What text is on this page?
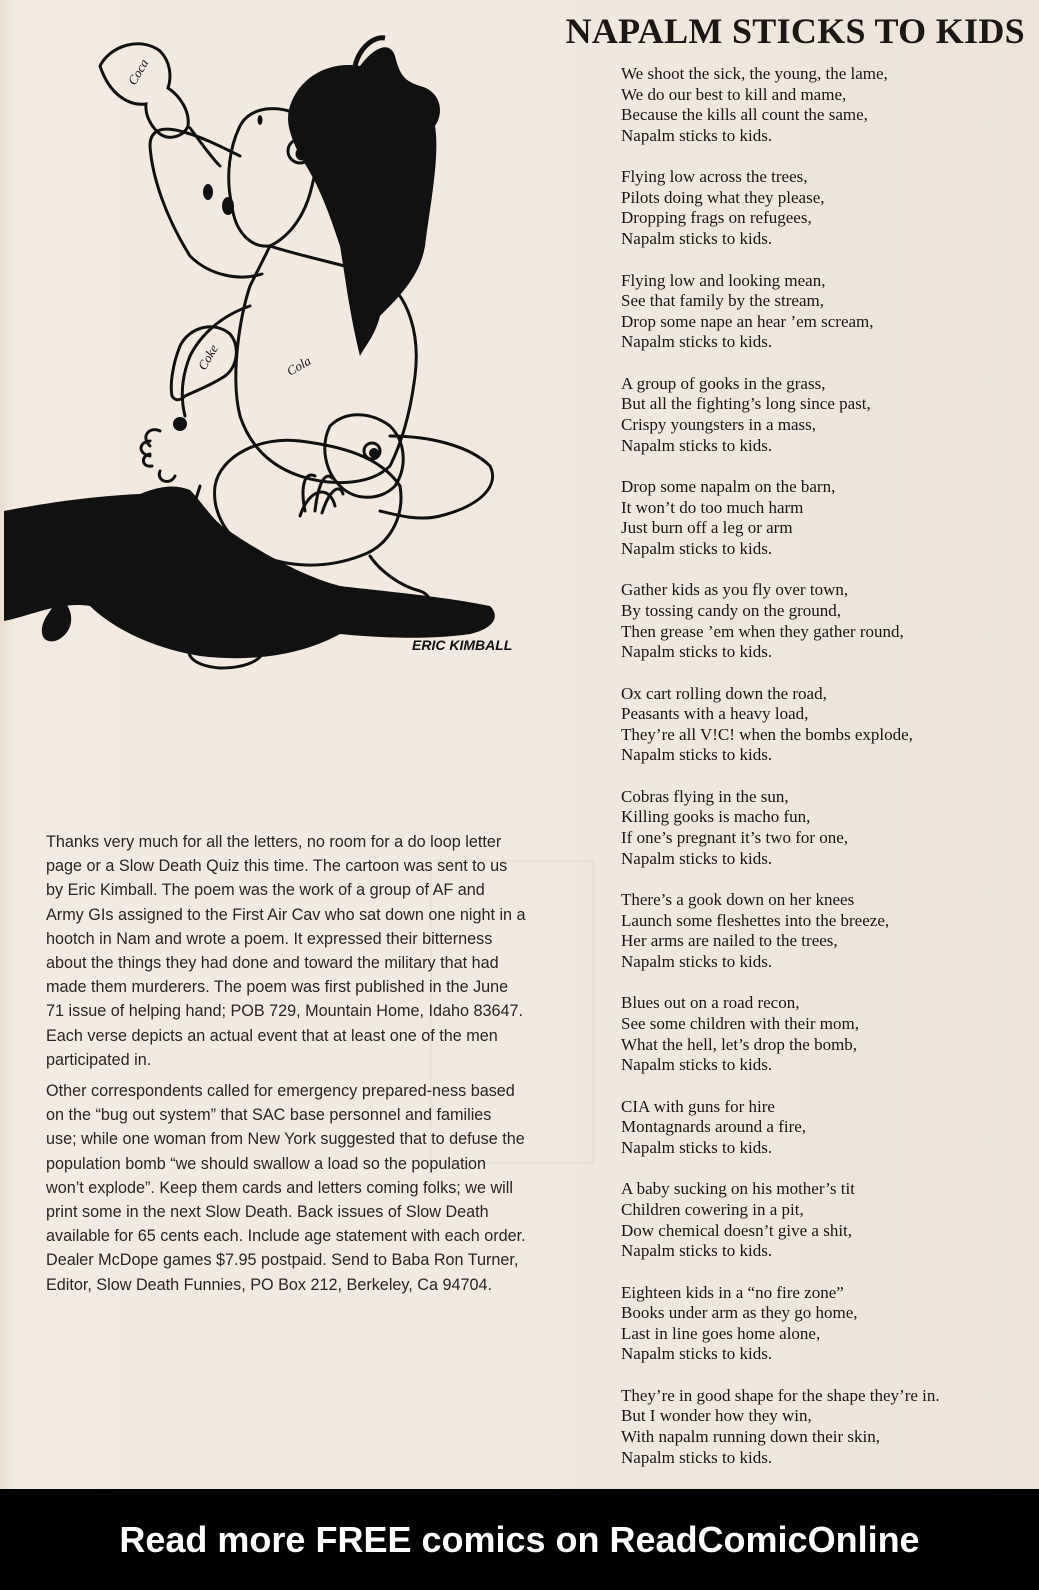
Coca
Coke	Cola
Coke
ERIC KIMBALL
NAPALM STICKS TO KIDS

We shoot the sick, the young, the lame,
We do our best to kill and mame,
Because the kills all count the same,
Napalm sticks to kids.

Flying low across the trees,
Pilots doing what they please,
Dropping frags on refugees,
Napalm sticks to kids.

Flying low and looking mean,
See that family by the stream,
Drop some nape an hear ’em scream,
Napalm sticks to kids.

A group of gooks in the grass,
But all the fighting’s long since past,
Crispy youngsters in a mass,
Napalm sticks to kids.

Drop some napalm on the barn,
It won’t do too much harm
Just burn off a leg or arm
Napalm sticks to kids.

Gather kids as you fly over town,
By tossing candy on the ground,
Then grease ’em when they gather round,
Napalm sticks to kids.

Ox cart rolling down the road,
Peasants with a heavy load,
They’re all V!C! when the bombs explode,
Napalm sticks to kids.

Cobras flying in the sun,
Killing gooks is macho fun,
If one’s pregnant it’s two for one,
Napalm sticks to kids.

There’s a gook down on her knees
Launch some fleshettes into the breeze,
Her arms are nailed to the trees,
Napalm sticks to kids.

Blues out on a road recon,
See some children with their mom,
What the hell, let’s drop the bomb,
Napalm sticks to kids.

CIA with guns for hire
Montagnards around a fire,
Napalm sticks to kids.

A baby sucking on his mother’s tit
Children cowering in a pit,
Dow chemical doesn’t give a shit,
Napalm sticks to kids.

Eighteen kids in a “no fire zone”
Books under arm as they go home,
Last in line goes home alone,
Napalm sticks to kids.

They’re in good shape for the shape they’re in.
But I wonder how they win,
With napalm running down their skin,
Napalm sticks to kids.

Thanks very much for all the letters, no room for a do loop letter page or a Slow Death Quiz this time. The cartoon was sent to us by Eric Kimball. The poem was the work of a group of AF and Army GIs assigned to the First Air Cav who sat down one night in a hootch in Nam and wrote a poem. It expressed their bitterness about the things they had done and toward the military that had made them murderers. The poem was first published in the June 71 issue of helping hand; POB 729, Mountain Home, Idaho 83647. Each verse depicts an actual event that at least one of the men participated in.

Other correspondents called for emergency prepared-ness based on the “bug out system” that SAC base personnel and families use; while one woman from New York suggested that to defuse the population bomb “we should swallow a load so the population won’t explode”. Keep them cards and letters coming folks; we will print some in the next Slow Death. Back issues of Slow Death available for 65 cents each. Include age statement with each order. Dealer McDope games $7.95 postpaid. Send to Baba Ron Turner, Editor, Slow Death Funnies, PO Box 212, Berkeley, Ca 94704.

Read more FREE comics on ReadComicOnline
